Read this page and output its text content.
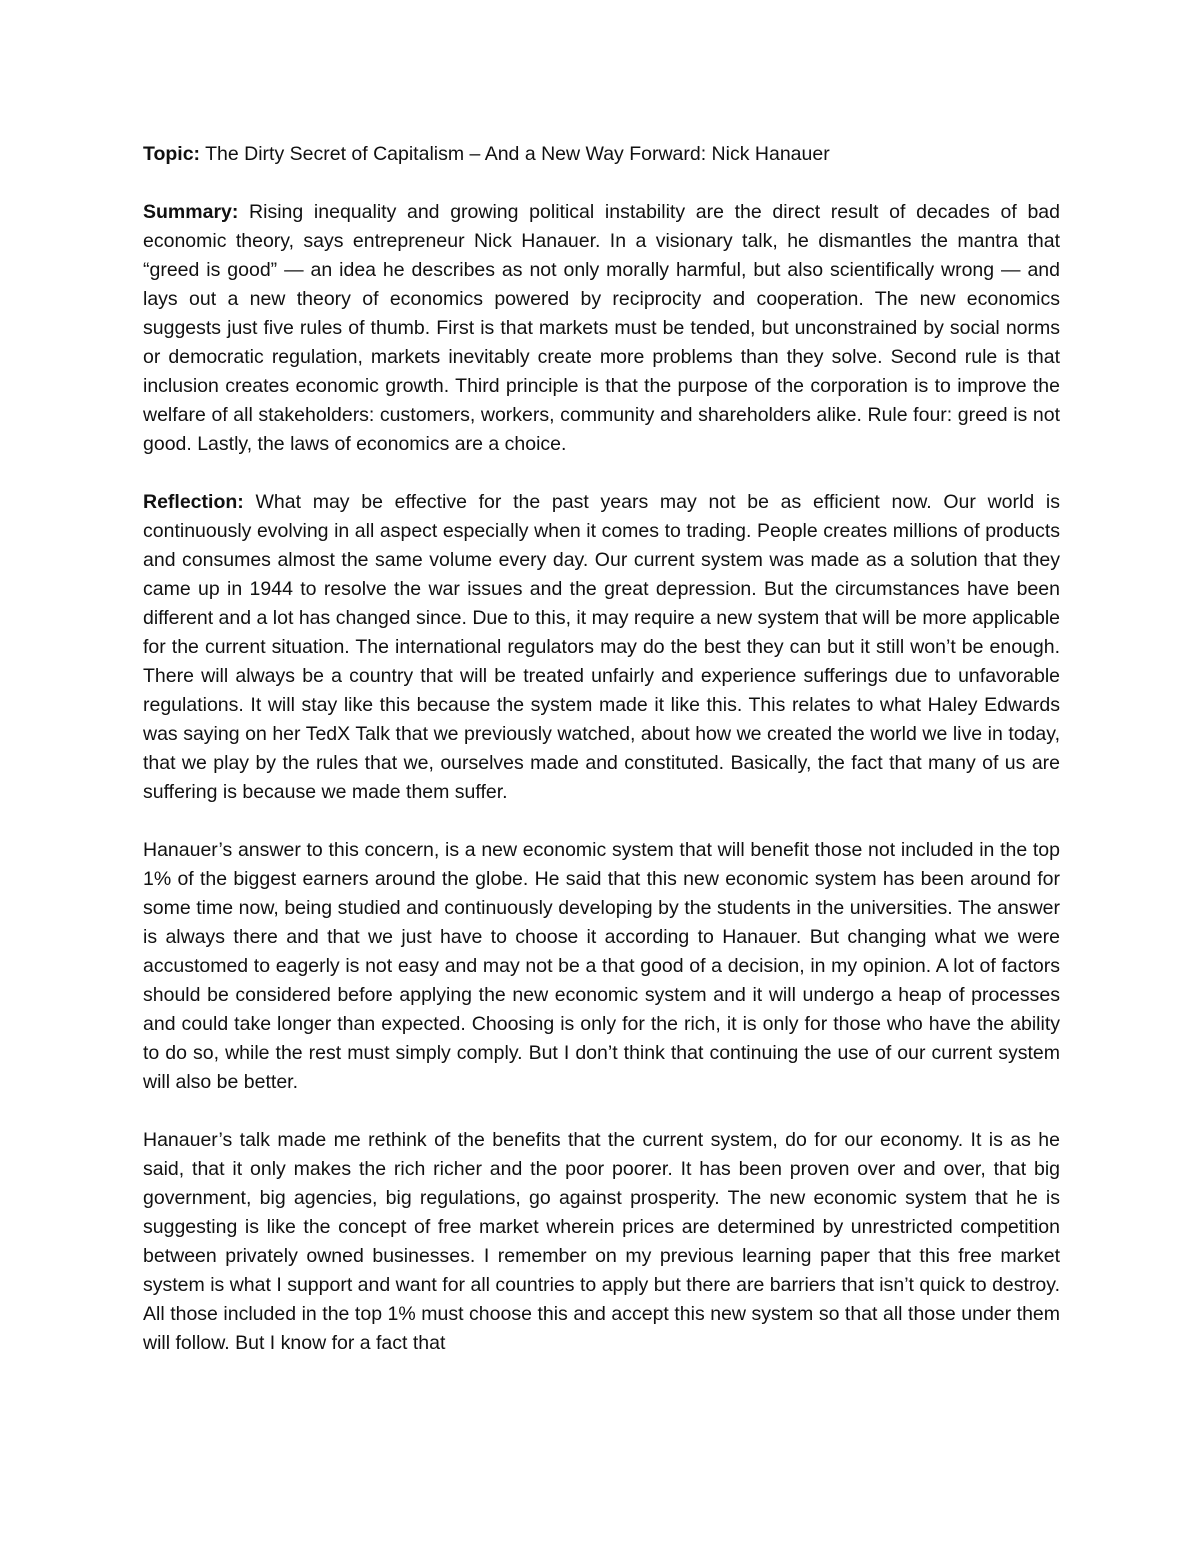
Topic: The Dirty Secret of Capitalism – And a New Way Forward: Nick Hanauer

Summary: Rising inequality and growing political instability are the direct result of decades of bad economic theory, says entrepreneur Nick Hanauer. In a visionary talk, he dismantles the mantra that “greed is good” — an idea he describes as not only morally harmful, but also scientifically wrong — and lays out a new theory of economics powered by reciprocity and cooperation. The new economics suggests just five rules of thumb. First is that markets must be tended, but unconstrained by social norms or democratic regulation, markets inevitably create more problems than they solve. Second rule is that inclusion creates economic growth. Third principle is that the purpose of the corporation is to improve the welfare of all stakeholders: customers, workers, community and shareholders alike. Rule four: greed is not good. Lastly, the laws of economics are a choice.

Reflection: What may be effective for the past years may not be as efficient now. Our world is continuously evolving in all aspect especially when it comes to trading. People creates millions of products and consumes almost the same volume every day. Our current system was made as a solution that they came up in 1944 to resolve the war issues and the great depression. But the circumstances have been different and a lot has changed since. Due to this, it may require a new system that will be more applicable for the current situation. The international regulators may do the best they can but it still won’t be enough. There will always be a country that will be treated unfairly and experience sufferings due to unfavorable regulations. It will stay like this because the system made it like this. This relates to what Haley Edwards was saying on her TedX Talk that we previously watched, about how we created the world we live in today, that we play by the rules that we, ourselves made and constituted. Basically, the fact that many of us are suffering is because we made them suffer.

Hanauer’s answer to this concern, is a new economic system that will benefit those not included in the top 1% of the biggest earners around the globe. He said that this new economic system has been around for some time now, being studied and continuously developing by the students in the universities. The answer is always there and that we just have to choose it according to Hanauer. But changing what we were accustomed to eagerly is not easy and may not be a that good of a decision, in my opinion. A lot of factors should be considered before applying the new economic system and it will undergo a heap of processes and could take longer than expected. Choosing is only for the rich, it is only for those who have the ability to do so, while the rest must simply comply. But I don’t think that continuing the use of our current system will also be better.

Hanauer’s talk made me rethink of the benefits that the current system, do for our economy. It is as he said, that it only makes the rich richer and the poor poorer. It has been proven over and over, that big government, big agencies, big regulations, go against prosperity. The new economic system that he is suggesting is like the concept of free market wherein prices are determined by unrestricted competition between privately owned businesses. I remember on my previous learning paper that this free market system is what I support and want for all countries to apply but there are barriers that isn’t quick to destroy. All those included in the top 1% must choose this and accept this new system so that all those under them will follow. But I know for a fact that
